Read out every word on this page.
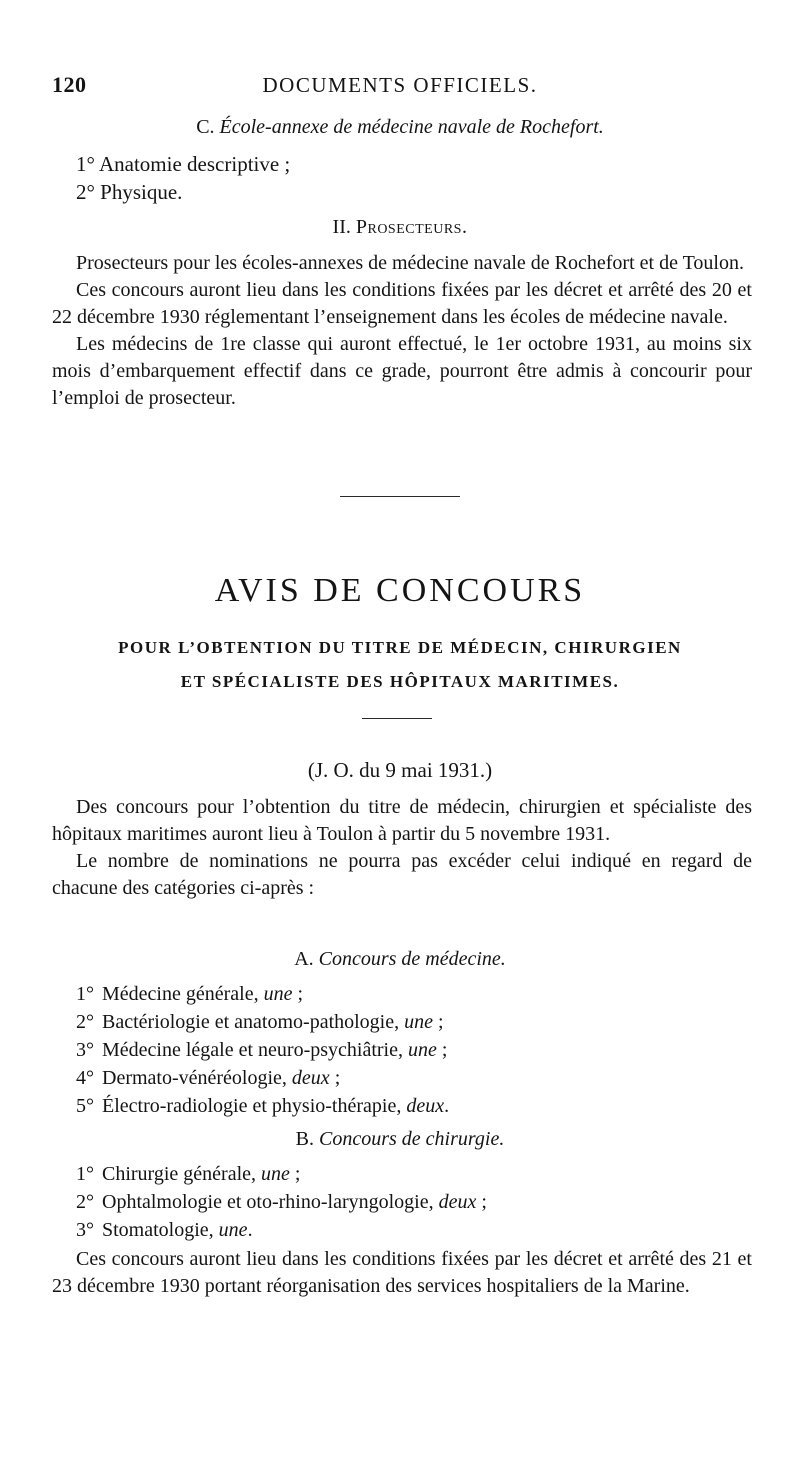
120	DOCUMENTS OFFICIELS.
C. École-annexe de médecine navale de Rochefort.
1° Anatomie descriptive ;
2° Physique.
II. Prosecteurs.

Prosecteurs pour les écoles-annexes de médecine navale de Rochefort et de Toulon.

Ces concours auront lieu dans les conditions fixées par les décret et arrêté des 20 et 22 décembre 1930 réglementant l’enseignement dans les écoles de médecine navale.

Les médecins de 1re classe qui auront effectué, le 1er octobre 1931, au moins six mois d’embarquement effectif dans ce grade, pourront être admis à concourir pour l’emploi de prosecteur.

AVIS DE CONCOURS
POUR L’OBTENTION DU TITRE DE MÉDECIN, CHIRURGIEN
ET SPÉCIALISTE DES HÔPITAUX MARITIMES.
(J. O. du 9 mai 1931.)

Des concours pour l’obtention du titre de médecin, chirurgien et spécialiste des hôpitaux maritimes auront lieu à Toulon à partir du 5 novembre 1931.

Le nombre de nominations ne pourra pas excéder celui indiqué en regard de chacune des catégories ci-après :

A. Concours de médecine.
1° Médecine générale, une ;
2° Bactériologie et anatomo-pathologie, une ;
3° Médecine légale et neuro-psychiâtrie, une ;
4° Dermato-vénéréologie, deux ;
5° Électro-radiologie et physio-thérapie, deux.
B. Concours de chirurgie.
1° Chirurgie générale, une ;
2° Ophtalmologie et oto-rhino-laryngologie, deux ;
3° Stomatologie, une.

Ces concours auront lieu dans les conditions fixées par les décret et arrêté des 21 et 23 décembre 1930 portant réorganisation des services hospitaliers de la Marine.
